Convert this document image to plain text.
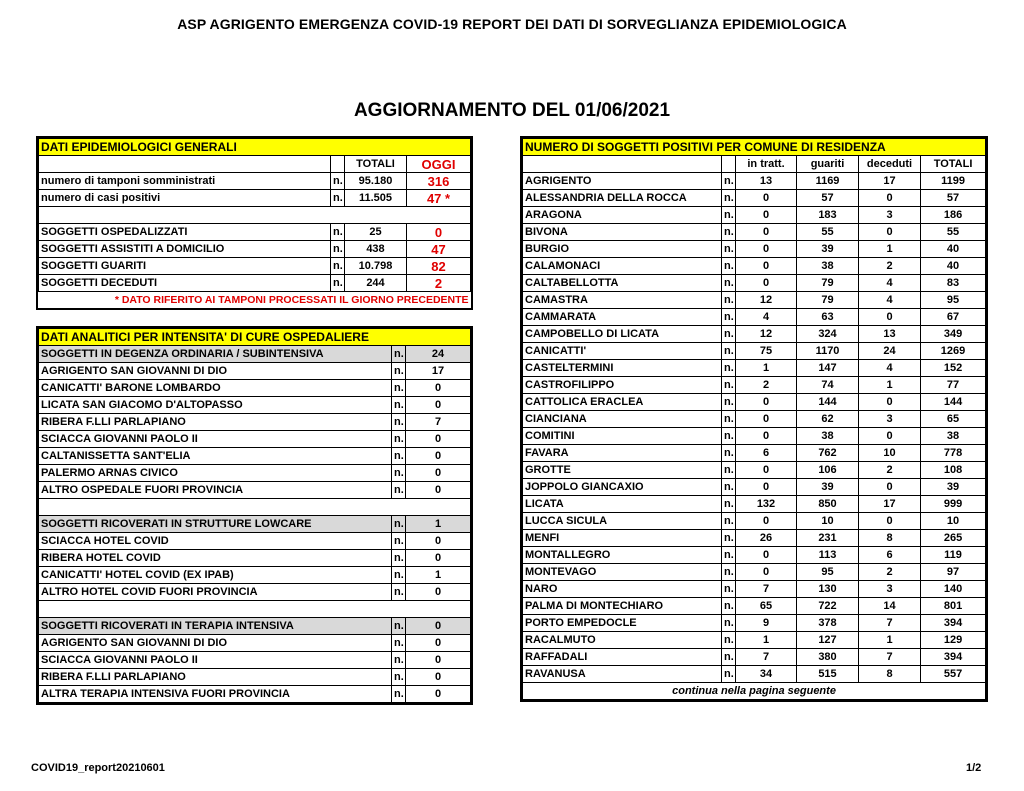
ASP AGRIGENTO EMERGENZA COVID-19 REPORT DEI DATI DI SORVEGLIANZA EPIDEMIOLOGICA
AGGIORNAMENTO DEL 01/06/2021
DATI EPIDEMIOLOGICI GENERALI			
		TOTALI	OGGI
numero di tamponi somministrati	n.	95.180	316
numero di casi positivi	n.	11.505	47 *

SOGGETTI OSPEDALIZZATI	n.	25	0
SOGGETTI ASSISTITI A DOMICILIO	n.	438	47
SOGGETTI GUARITI	n.	10.798	82
SOGGETTI DECEDUTI	n.	244	2
* DATO RIFERITO AI TAMPONI PROCESSATI IL GIORNO PRECEDENTE			
DATI ANALITICI PER INTENSITA' DI CURE OSPEDALIERE		
SOGGETTI IN DEGENZA ORDINARIA / SUBINTENSIVA	n.	24
AGRIGENTO SAN GIOVANNI DI DIO	n.	17
CANICATTI' BARONE LOMBARDO	n.	0
LICATA SAN GIACOMO D'ALTOPASSO	n.	0
RIBERA F.LLI PARLAPIANO	n.	7
SCIACCA GIOVANNI PAOLO II	n.	0
CALTANISSETTA SANT'ELIA	n.	0
PALERMO ARNAS CIVICO	n.	0
ALTRO OSPEDALE FUORI PROVINCIA	n.	0

SOGGETTI RICOVERATI IN STRUTTURE LOWCARE	n.	1
SCIACCA HOTEL COVID	n.	0
RIBERA HOTEL COVID	n.	0
CANICATTI' HOTEL COVID (EX IPAB)	n.	1
ALTRO HOTEL COVID FUORI PROVINCIA	n.	0

SOGGETTI RICOVERATI IN TERAPIA INTENSIVA	n.	0
AGRIGENTO SAN GIOVANNI DI DIO	n.	0
SCIACCA GIOVANNI PAOLO II	n.	0
RIBERA F.LLI PARLAPIANO	n.	0
ALTRA TERAPIA INTENSIVA FUORI PROVINCIA	n.	0
NUMERO DI SOGGETTI POSITIVI PER COMUNE DI RESIDENZA					
		in tratt.	guariti	deceduti	TOTALI
AGRIGENTO	n.	13	1169	17	1199
ALESSANDRIA DELLA ROCCA	n.	0	57	0	57
ARAGONA	n.	0	183	3	186
BIVONA	n.	0	55	0	55
BURGIO	n.	0	39	1	40
CALAMONACI	n.	0	38	2	40
CALTABELLOTTA	n.	0	79	4	83
CAMASTRA	n.	12	79	4	95
CAMMARATA	n.	4	63	0	67
CAMPOBELLO DI LICATA	n.	12	324	13	349
CANICATTI'	n.	75	1170	24	1269
CASTELTERMINI	n.	1	147	4	152
CASTROFILIPPO	n.	2	74	1	77
CATTOLICA ERACLEA	n.	0	144	0	144
CIANCIANA	n.	0	62	3	65
COMITINI	n.	0	38	0	38
FAVARA	n.	6	762	10	778
GROTTE	n.	0	106	2	108
JOPPOLO GIANCAXIO	n.	0	39	0	39
LICATA	n.	132	850	17	999
LUCCA SICULA	n.	0	10	0	10
MENFI	n.	26	231	8	265
MONTALLEGRO	n.	0	113	6	119
MONTEVAGO	n.	0	95	2	97
NARO	n.	7	130	3	140
PALMA DI MONTECHIARO	n.	65	722	14	801
PORTO EMPEDOCLE	n.	9	378	7	394
RACALMUTO	n.	1	127	1	129
RAFFADALI	n.	7	380	7	394
RAVANUSA	n.	34	515	8	557
continua nella pagina seguente					
COVID19_report20210601	1/2
